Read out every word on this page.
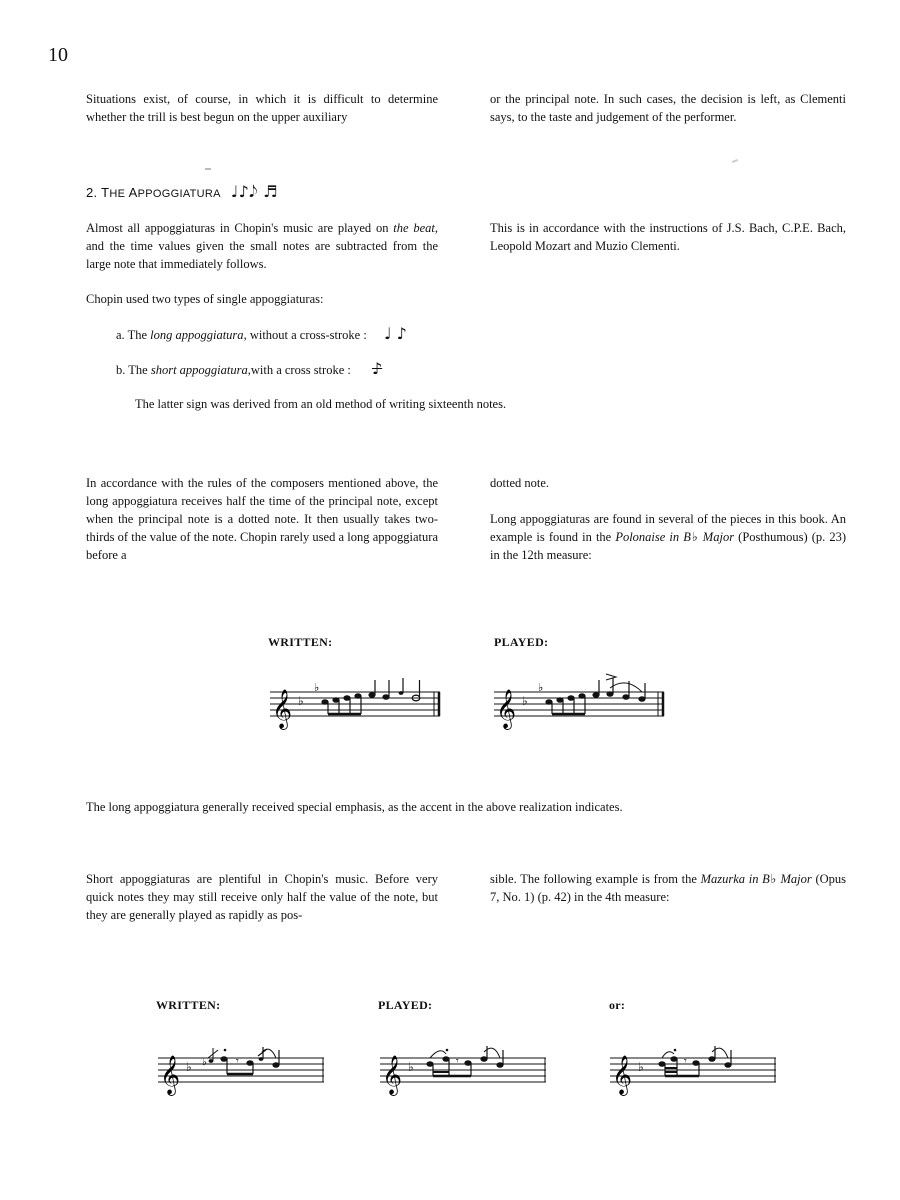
10
Situations exist, of course, in which it is difficult to determine whether the trill is best begun on the upper auxiliary
or the principal note. In such cases, the decision is left, as Clementi says, to the taste and judgement of the performer.
2. THE APPOGGIATURA ♩♪𝅘𝅥𝅮 ♬
Almost all appoggiaturas in Chopin's music are played on the beat, and the time values given the small notes are subtracted from the large note that immediately follows.
This is in accordance with the instructions of J.S. Bach, C.P.E. Bach, Leopold Mozart and Muzio Clementi.
Chopin used two types of single appoggiaturas:
a. The long appoggiatura, without a cross-stroke : ♩ ♪
b. The short appoggiatura,with a cross stroke : ♪
The latter sign was derived from an old method of writing sixteenth notes.
In accordance with the rules of the composers mentioned above, the long appoggiatura receives half the time of the principal note, except when the principal note is a dotted note. It then usually takes two-thirds of the value of the note. Chopin rarely used a long appoggiatura before a
dotted note.
Long appoggiaturas are found in several of the pieces in this book. An example is found in the Polonaise in B♭ Major (Posthumous) (p. 23) in the 12th measure:
WRITTEN:	PLAYED:
𝄞 ♭
♭
𝄞 ♭
♭
The long appoggiatura generally received special emphasis, as the accent in the above realization indicates.
Short appoggiaturas are plentiful in Chopin's music. Before very quick notes they may still receive only half the value of the note, but they are generally played as rapidly as pos-
sible. The following example is from the Mazurka in B♭ Major (Opus 7, No. 1) (p. 42) in the 4th measure:
WRITTEN:	PLAYED:	or:
𝄞 ♭ ♭	𝄾	𝄞 ♭	𝄾	𝄞 ♭	𝄾
